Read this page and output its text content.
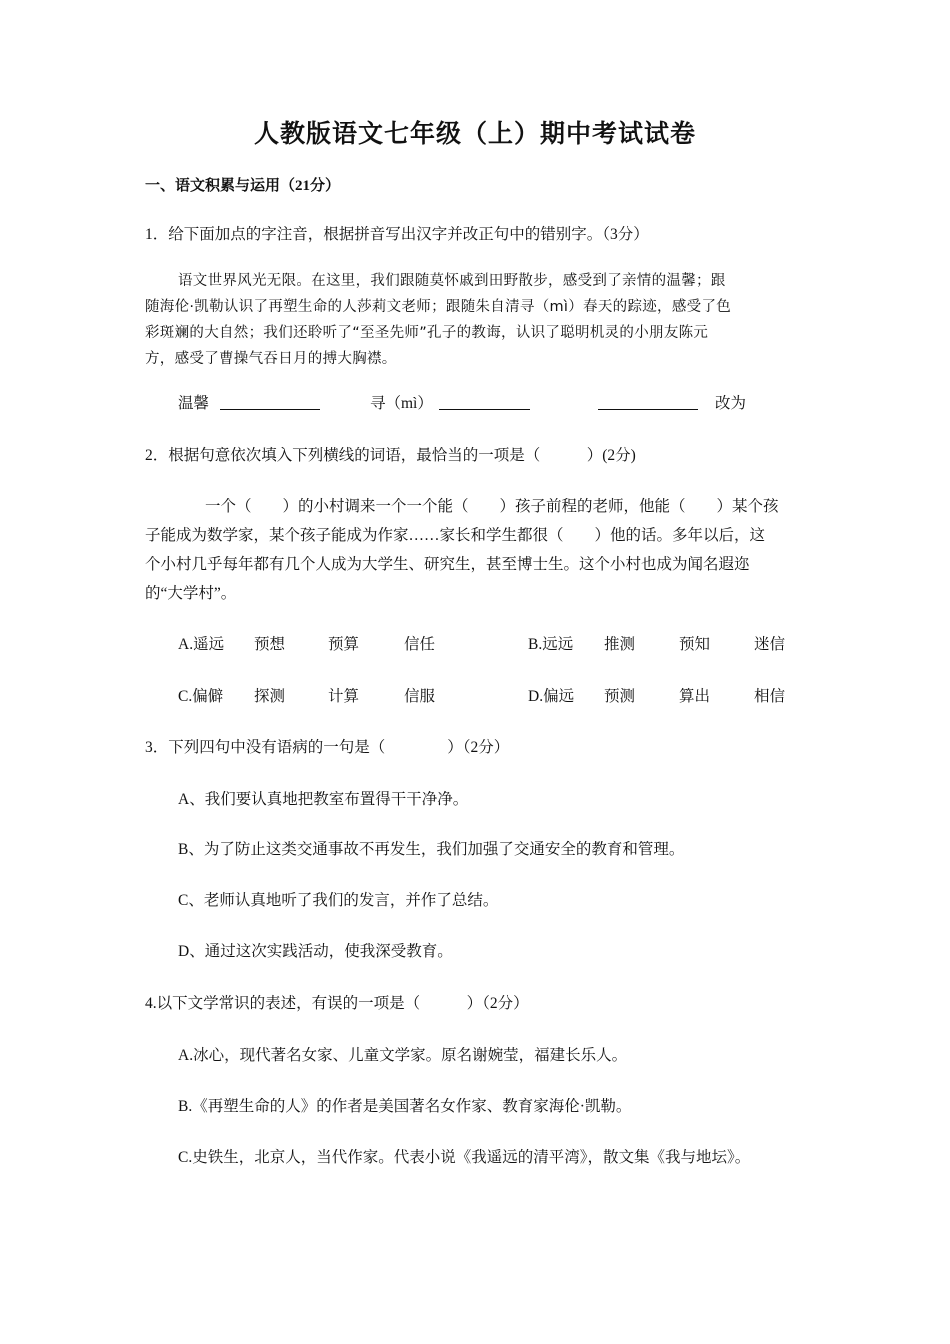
人教版语文七年级（上）期中考试试卷
一、语文积累与运用（21分）
1．给下面加点的字注音，根据拼音写出汉字并改正句中的错别字。（3分）
语文世界风光无限。在这里，我们跟随莫怀戚到田野散步，感受到了亲情的温馨；跟
随海伦·凯勒认识了再塑生命的人莎莉文老师；跟随朱自清寻（mì）春天的踪迹，感受了色
彩斑斓的大自然；我们还聆听了“至圣先师”孔子的教诲，认识了聪明机灵的小朋友陈元
方，感受了曹操气吞日月的搏大胸襟。
温馨	寻（mì）	改为
2．根据句意依次填入下列横线的词语，最恰当的一项是（　　　）(2分)
一个（　　）的小村调来一个一个能（　　）孩子前程的老师，他能（　　）某个孩
子能成为数学家，某个孩子能成为作家……家长和学生都很（　　）他的话。多年以后，这
个小村几乎每年都有几个人成为大学生、研究生，甚至博士生。这个小村也成为闻名遐迩
的“大学村”。
A.遥远 预想	预算	信任	B.远远 推测	预知	迷信
C.偏僻 探测	计算	信服	D.偏远 预测	算出	相信
3．下列四句中没有语病的一句是（　　　　）（2分）
A、我们要认真地把教室布置得干干净净。
B、为了防止这类交通事故不再发生，我们加强了交通安全的教育和管理。
C、老师认真地听了我们的发言，并作了总结。
D、通过这次实践活动，使我深受教育。
4.以下文学常识的表述，有误的一项是（　　　）（2分）
A.冰心，现代著名女家、儿童文学家。原名谢婉莹，福建长乐人。
B.《再塑生命的人》的作者是美国著名女作家、教育家海伦·凯勒。
C.史铁生，北京人，当代作家。代表小说《我遥远的清平湾》，散文集《我与地坛》。
